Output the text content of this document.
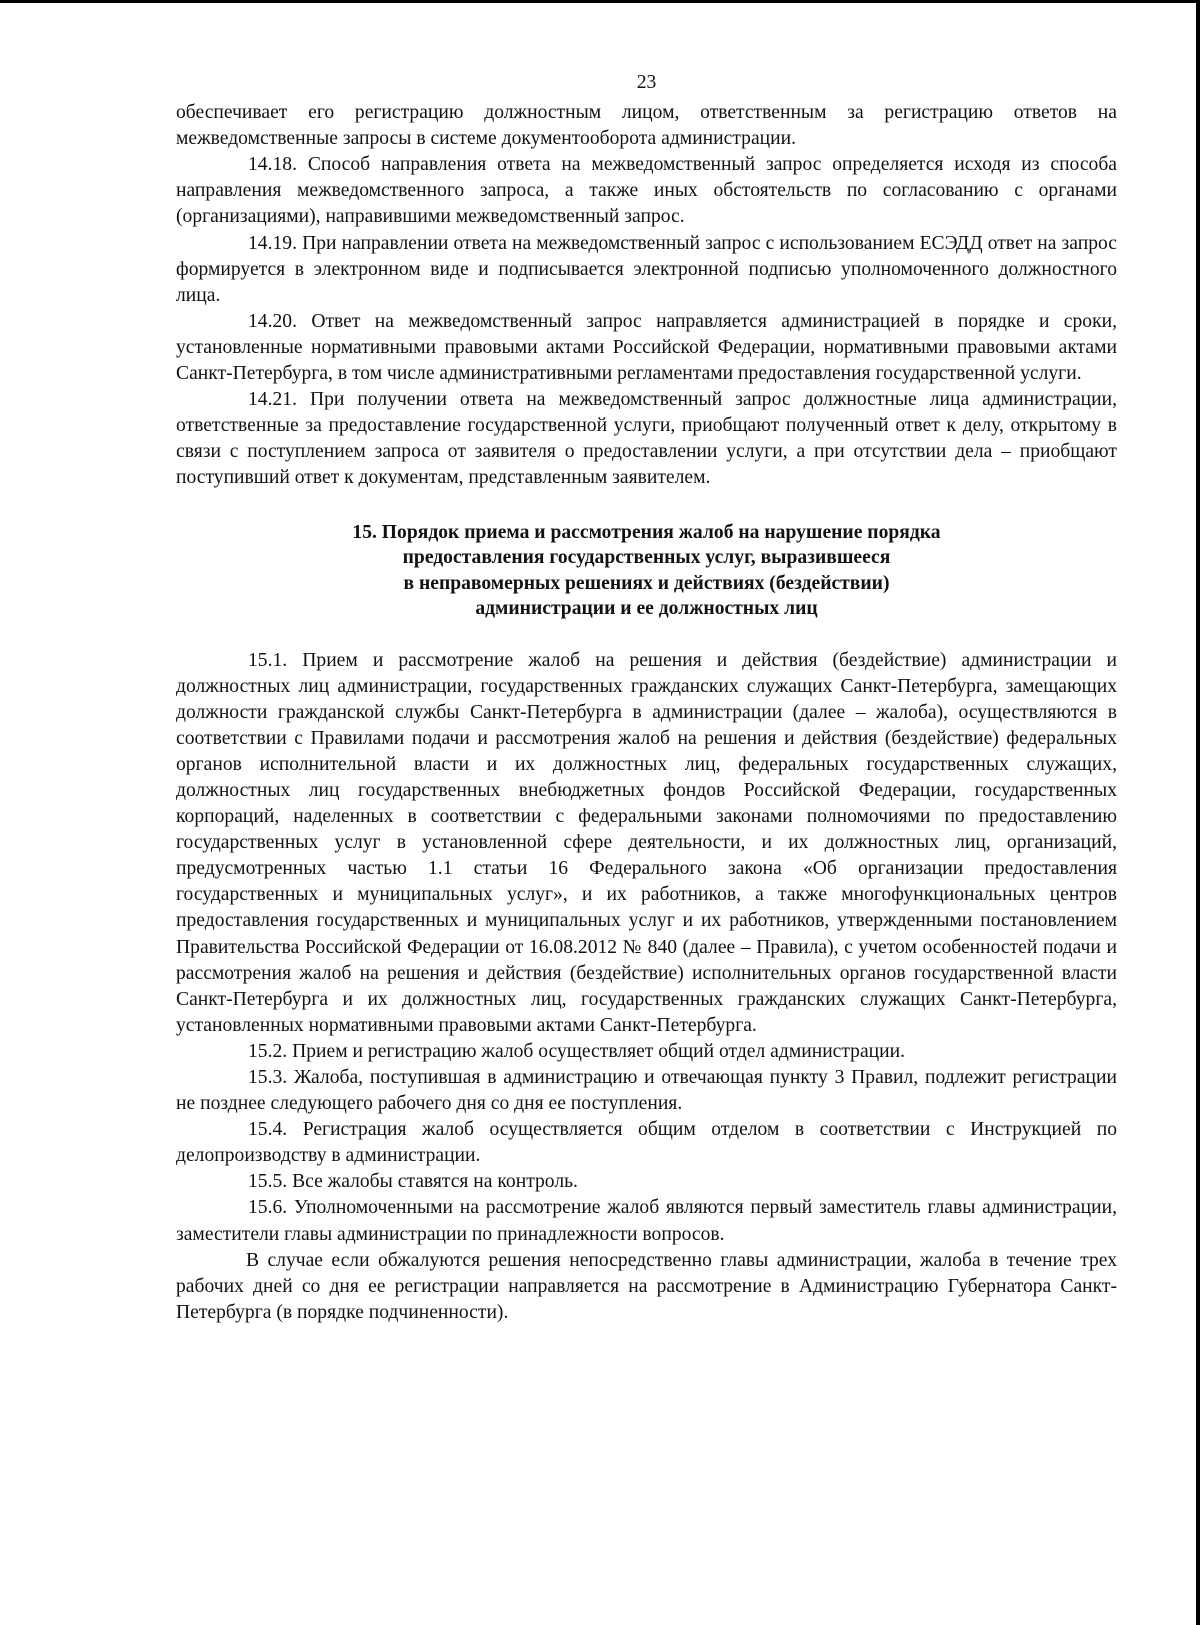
23

обеспечивает его регистрацию должностным лицом, ответственным за регистрацию ответов на межведомственные запросы в системе документооборота администрации.

14.18. Способ направления ответа на межведомственный запрос определяется исходя из способа направления межведомственного запроса, а также иных обстоятельств по согласованию с органами (организациями), направившими межведомственный запрос.

14.19. При направлении ответа на межведомственный запрос с использованием ЕСЭДД ответ на запрос формируется в электронном виде и подписывается электронной подписью уполномоченного должностного лица.

14.20. Ответ на межведомственный запрос направляется администрацией в порядке и сроки, установленные нормативными правовыми актами Российской Федерации, нормативными правовыми актами Санкт-Петербурга, в том числе административными регламентами предоставления государственной услуги.

14.21. При получении ответа на межведомственный запрос должностные лица администрации, ответственные за предоставление государственной услуги, приобщают полученный ответ к делу, открытому в связи с поступлением запроса от заявителя о предоставлении услуги, а при отсутствии дела – приобщают поступивший ответ к документам, представленным заявителем.

15. Порядок приема и рассмотрения жалоб на нарушение порядка
предоставления государственных услуг, выразившееся
в неправомерных решениях и действиях (бездействии)
администрации и ее должностных лиц

15.1. Прием и рассмотрение жалоб на решения и действия (бездействие) администрации и должностных лиц администрации, государственных гражданских служащих Санкт-Петербурга, замещающих должности гражданской службы Санкт-Петербурга в администрации (далее – жалоба), осуществляются в соответствии с Правилами подачи и рассмотрения жалоб на решения и действия (бездействие) федеральных органов исполнительной власти и их должностных лиц, федеральных государственных служащих, должностных лиц государственных внебюджетных фондов Российской Федерации, государственных корпораций, наделенных в соответствии с федеральными законами полномочиями по предоставлению государственных услуг в установленной сфере деятельности, и их должностных лиц, организаций, предусмотренных частью 1.1 статьи 16 Федерального закона «Об организации предоставления государственных и муниципальных услуг», и их работников, а также многофункциональных центров предоставления государственных и муниципальных услуг и их работников, утвержденными постановлением Правительства Российской Федерации от 16.08.2012 № 840 (далее – Правила), с учетом особенностей подачи и рассмотрения жалоб на решения и действия (бездействие) исполнительных органов государственной власти Санкт-Петербурга и их должностных лиц, государственных гражданских служащих Санкт-Петербурга, установленных нормативными правовыми актами Санкт-Петербурга.

15.2. Прием и регистрацию жалоб осуществляет общий отдел администрации.

15.3. Жалоба, поступившая в администрацию и отвечающая пункту 3 Правил, подлежит регистрации не позднее следующего рабочего дня со дня ее поступления.

15.4. Регистрация жалоб осуществляется общим отделом в соответствии с Инструкцией по делопроизводству в администрации.

15.5. Все жалобы ставятся на контроль.

15.6. Уполномоченными на рассмотрение жалоб являются первый заместитель главы администрации, заместители главы администрации по принадлежности вопросов.

В случае если обжалуются решения непосредственно главы администрации, жалоба в течение трех рабочих дней со дня ее регистрации направляется на рассмотрение в Администрацию Губернатора Санкт-Петербурга (в порядке подчиненности).
